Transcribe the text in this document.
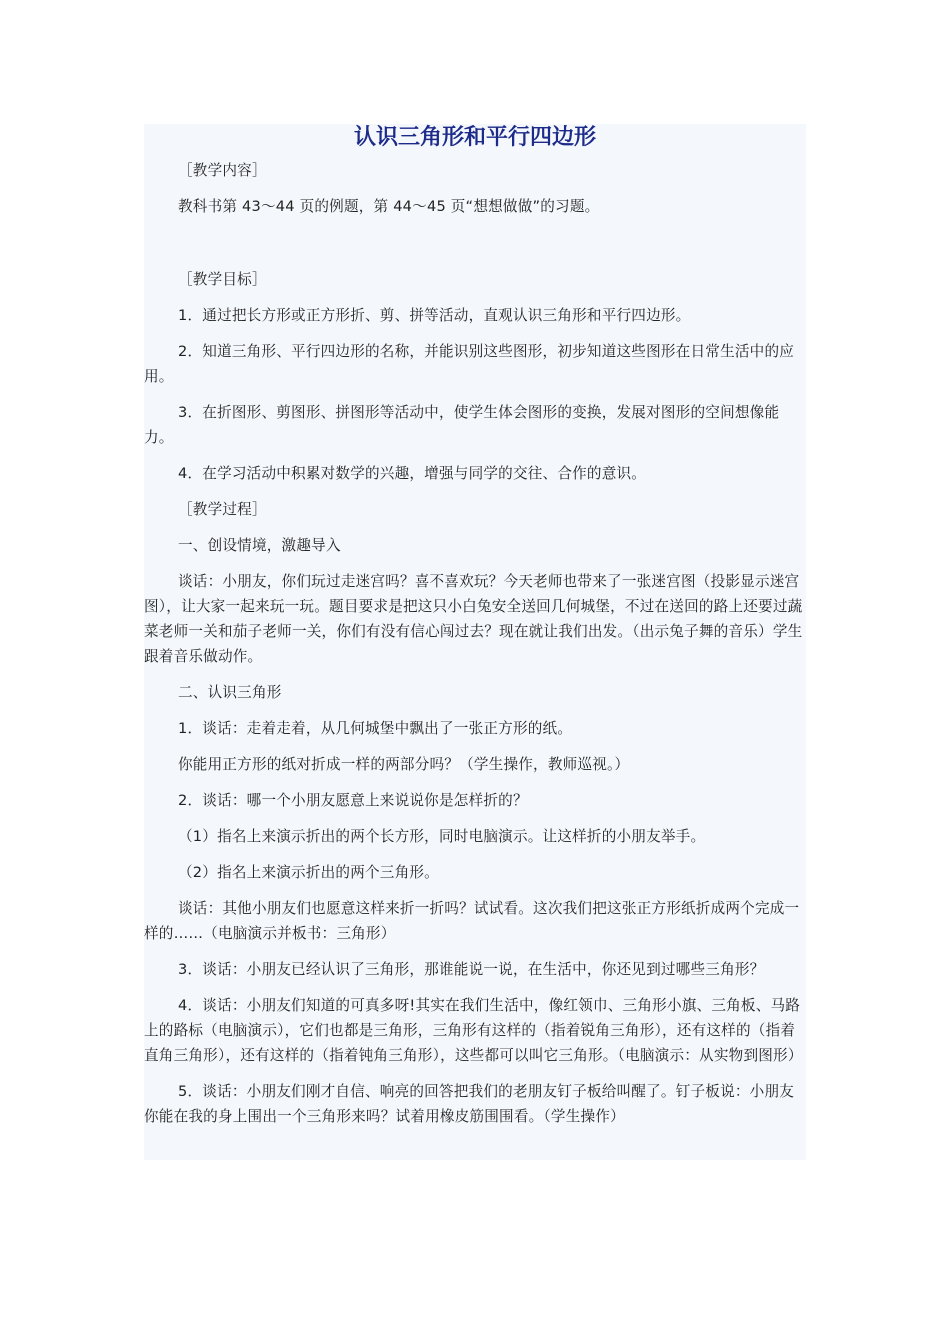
认识三角形和平行四边形

［教学内容］

教科书第 43～44 页的例题，第 44～45 页“想想做做”的习题。

［教学目标］

1．通过把长方形或正方形折、剪、拼等活动，直观认识三角形和平行四边形。

2．知道三角形、平行四边形的名称，并能识别这些图形，初步知道这些图形在日常生活中的应用。

3．在折图形、剪图形、拼图形等活动中，使学生体会图形的变换，发展对图形的空间想像能力。

4．在学习活动中积累对数学的兴趣，增强与同学的交往、合作的意识。

［教学过程］

一、创设情境，激趣导入

谈话：小朋友，你们玩过走迷宫吗？喜不喜欢玩？今天老师也带来了一张迷宫图（投影显示迷宫图），让大家一起来玩一玩。题目要求是把这只小白兔安全送回几何城堡，不过在送回的路上还要过蔬菜老师一关和茄子老师一关，你们有没有信心闯过去？现在就让我们出发。（出示兔子舞的音乐）学生跟着音乐做动作。

二、认识三角形

1．谈话：走着走着，从几何城堡中飘出了一张正方形的纸。

你能用正方形的纸对折成一样的两部分吗？（学生操作，教师巡视。）

2．谈话：哪一个小朋友愿意上来说说你是怎样折的？

（1）指名上来演示折出的两个长方形，同时电脑演示。让这样折的小朋友举手。

（2）指名上来演示折出的两个三角形。

谈话：其他小朋友们也愿意这样来折一折吗？试试看。这次我们把这张正方形纸折成两个完成一样的……（电脑演示并板书：三角形）

3．谈话：小朋友已经认识了三角形，那谁能说一说，在生活中，你还见到过哪些三角形？

4．谈话：小朋友们知道的可真多呀!其实在我们生活中，像红领巾、三角形小旗、三角板、马路上的路标（电脑演示），它们也都是三角形，三角形有这样的（指着锐角三角形），还有这样的（指着直角三角形），还有这样的（指着钝角三角形），这些都可以叫它三角形。（电脑演示：从实物到图形）

5．谈话：小朋友们刚才自信、响亮的回答把我们的老朋友钉子板给叫醒了。钉子板说：小朋友你能在我的身上围出一个三角形来吗？试着用橡皮筋围围看。（学生操作）
